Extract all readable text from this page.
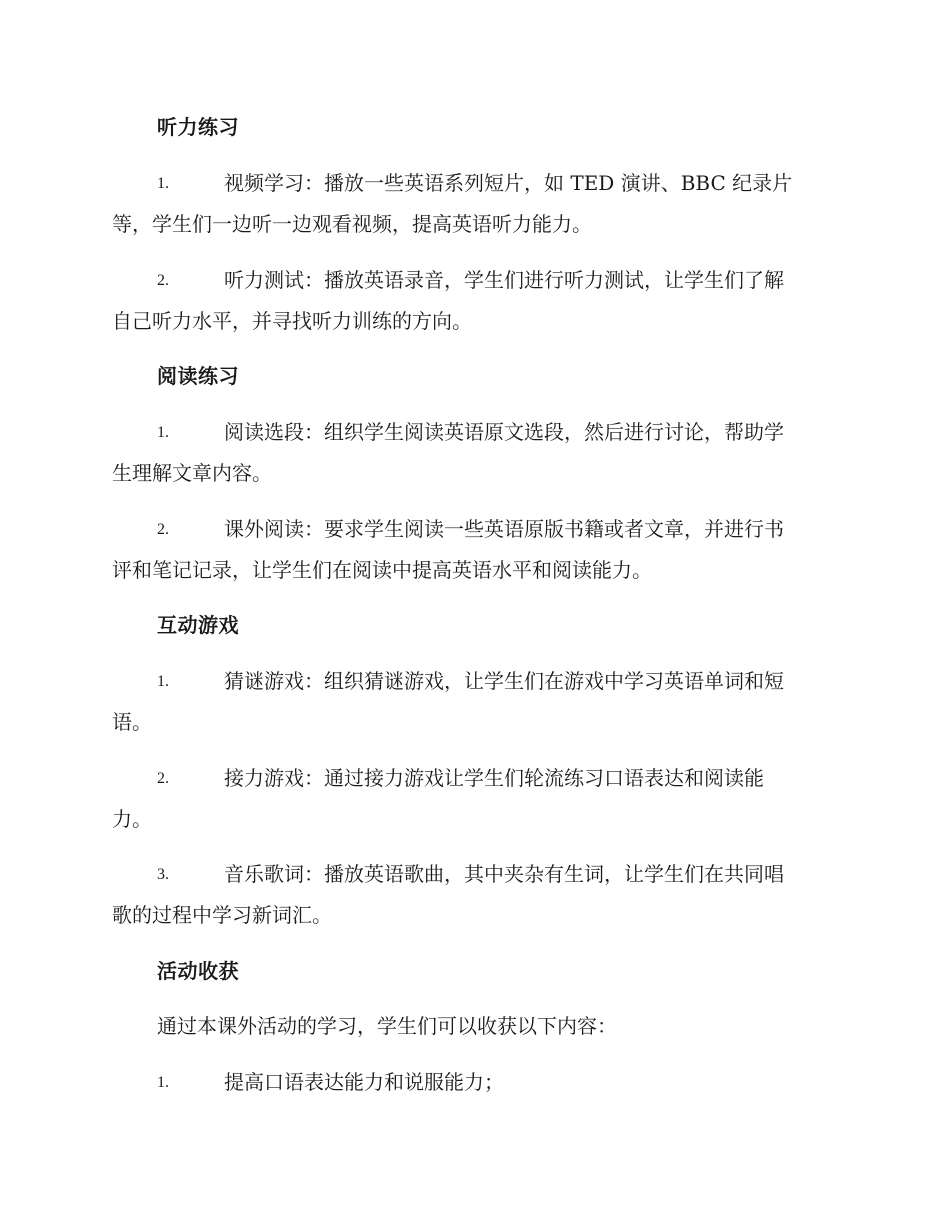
听力练习
1.	视频学习：播放一些英语系列短片，如 TED 演讲、BBC 纪录片
等，学生们一边听一边观看视频，提高英语听力能力。
2.	听力测试：播放英语录音，学生们进行听力测试，让学生们了解
自己听力水平，并寻找听力训练的方向。
阅读练习
1.	阅读选段：组织学生阅读英语原文选段，然后进行讨论，帮助学
生理解文章内容。
2.	课外阅读：要求学生阅读一些英语原版书籍或者文章，并进行书
评和笔记记录，让学生们在阅读中提高英语水平和阅读能力。
互动游戏
1.	猜谜游戏：组织猜谜游戏，让学生们在游戏中学习英语单词和短
语。
2.	接力游戏：通过接力游戏让学生们轮流练习口语表达和阅读能
力。
3.	音乐歌词：播放英语歌曲，其中夹杂有生词，让学生们在共同唱
歌的过程中学习新词汇。
活动收获
通过本课外活动的学习，学生们可以收获以下内容：
1.	提高口语表达能力和说服能力；
